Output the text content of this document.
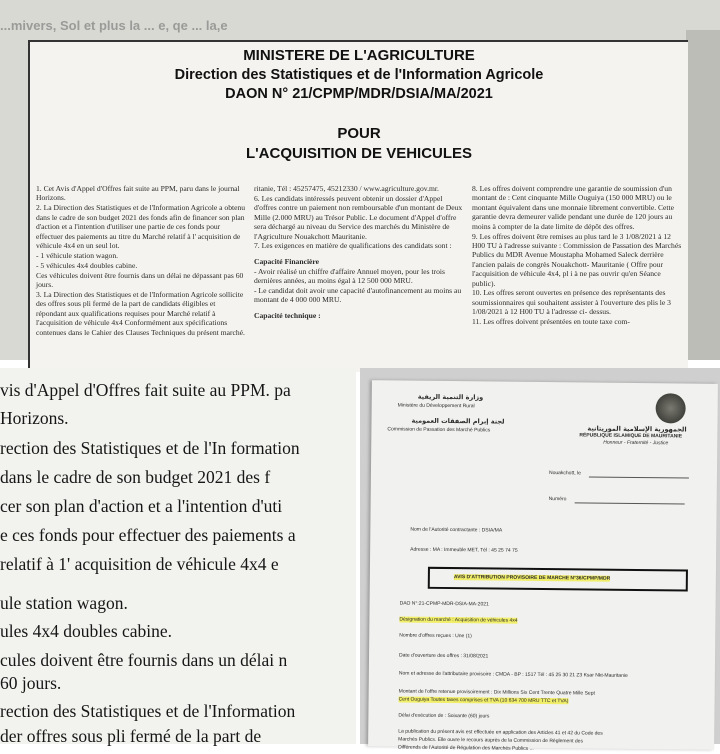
...mivers, Sol et plus la ... e, qe ... la,e
MINISTERE DE L'AGRICULTURE
Direction des Statistiques et de l'Information Agricole
DAON N° 21/CPMP/MDR/DSIA/MA/2021
POUR
L'ACQUISITION DE VEHICULES

1. Cet Avis d'Appel d'Offres fait suite au PPM, paru dans le journal Horizons.

2. La Direction des Statistiques et de l'Information Agricole a obtenu dans le cadre de son budget 2021 des fonds afin de financer son plan d'action et a l'intention d'utiliser une partie de ces fonds pour effectuer des paiements au titre du Marché relatif à l' acquisition de véhicule 4x4 en un seul lot.

- 1 véhicule station wagon.

- 5 véhicules 4x4 doubles cabine.

Ces véhicules doivent être fournis dans un délai ne dépassant pas 60 jours.

3. La Direction des Statistiques et de l'Information Agricole sollicite des offres sous pli fermé de la part de candidats éligibles et répondant aux qualifications requises pour Marché relatif à l'acquisition de véhicule 4x4 Conformément aux spécifications contenues dans le Cahier des Clauses Techniques du présent marché.

ritanie, Tél : 45257475, 45212330 / www.agriculture.gov.mr.

6. Les candidats intéressés peuvent obtenir un dossier d'Appel d'offres contre un paiement non remboursable d'un montant de Deux Mille (2.000 MRU) au Trésor Public. Le document d'Appel d'offre sera déchargé au niveau du Service des marchés du Ministère de l'Agriculture Nouakchott Mauritanie.

7. Les exigences en matière de qualifications des candidats sont :

Capacité Financière

- Avoir réalisé un chiffre d'affaire Annuel moyen, pour les trois dernières années, au moins égal à 12 500 000 MRU.

- Le candidat doit avoir une capacité d'autofinancement au moins au montant de 4 000 000 MRU.

Capacité technique :

8. Les offres doivent comprendre une garantie de soumission d'un montant de : Cent cinquante Mille Ouguiya (150 000 MRU) ou le montant équivalent dans une monnaie librement convertible. Cette garantie devra demeurer valide pendant une durée de 120 jours au moins à compter de la date limite de dépôt des offres.

9. Les offres doivent être remises au plus tard le 3 1/08/2021 à 12 H00 TU à l'adresse suivante : Commission de Passation des Marchés Publics du MDR Avenue Moustapha Mohamed Saleck derrière l'ancien palais de congrès Nouakchott- Mauritanie ( Offre pour l'acquisition de véhicule 4x4, pl i à ne pas ouvrir qu'en Séance public).

10. Les offres seront ouvertes en présence des représentants des soumissionnaires qui souhaitent assister à l'ouverture des plis le 3 1/08/2021 à 12 H00 TU à l'adresse ci- dessus.

11. Les offres doivent présentées en toute taxe com-

vis d'Appel d'Offres fait suite au PPM. pa
Horizons.
rection des Statistiques et de l'In formation
dans le cadre de son budget 2021 des f
cer son plan d'action et a l'intention d'uti
e ces fonds pour effectuer des paiements a
relatif à 1' acquisition de véhicule 4x4 e
ule station wagon.
ules 4x4 doubles cabine.
cules doivent être fournis dans un délai n
60 jours.
rection des Statistiques et de l'Information
der offres sous pli fermé de la part de
وزارة التنمية الريفية
Ministère du Développement Rural
لجنة إبرام الصفقات العمومية
Commission de Passation des Marché Publics	الجمهورية الإسلامية الموريتانية
RÉPUBLIQUE ISLAMIQUE DE MAURITANIE
Honneur - Fraternité - Justice
Nouakchott, le
Numéro
Nom de l'Autorité contractante : DSIA/MA
Adresse : MA : Immeuble MET, Tél : 45 25 74 75
AVIS D'ATTRIBUTION PROVISOIRE DE MARCHE N°36/CPMP/MDR
DAO N°:21-CPMP-MDR-DSIA-MA-2021
Désignation du marché : Acquisition de véhicules 4x4
Nombre d'offres reçues : Une (1)
Date d'ouverture des offres : 31/08/2021
Nom et adresse de l'attributaire provisoire : CMDA - BP : 1517 Tél : 45 25 30 21 Z3 Ksar Nkt-Mauritanie
Montant de l'offre retenue provisoirement : Dix Millions Six Cent Trente Quatre Mille Sept
Cent Ouguiya Toutes taxes comprises et TVA (10 634 700 MRU TTC et TVA)
Délai d'exécution de : Soixante (60) jours
La publication du présent avis est effectuée en application des Articles 41 et 42 du Code des
Marchés Publics. Elle ouvre le recours auprès de la Commission de Règlement des
Différends de l'Autorité de Régulation des Marchés Publics ...
